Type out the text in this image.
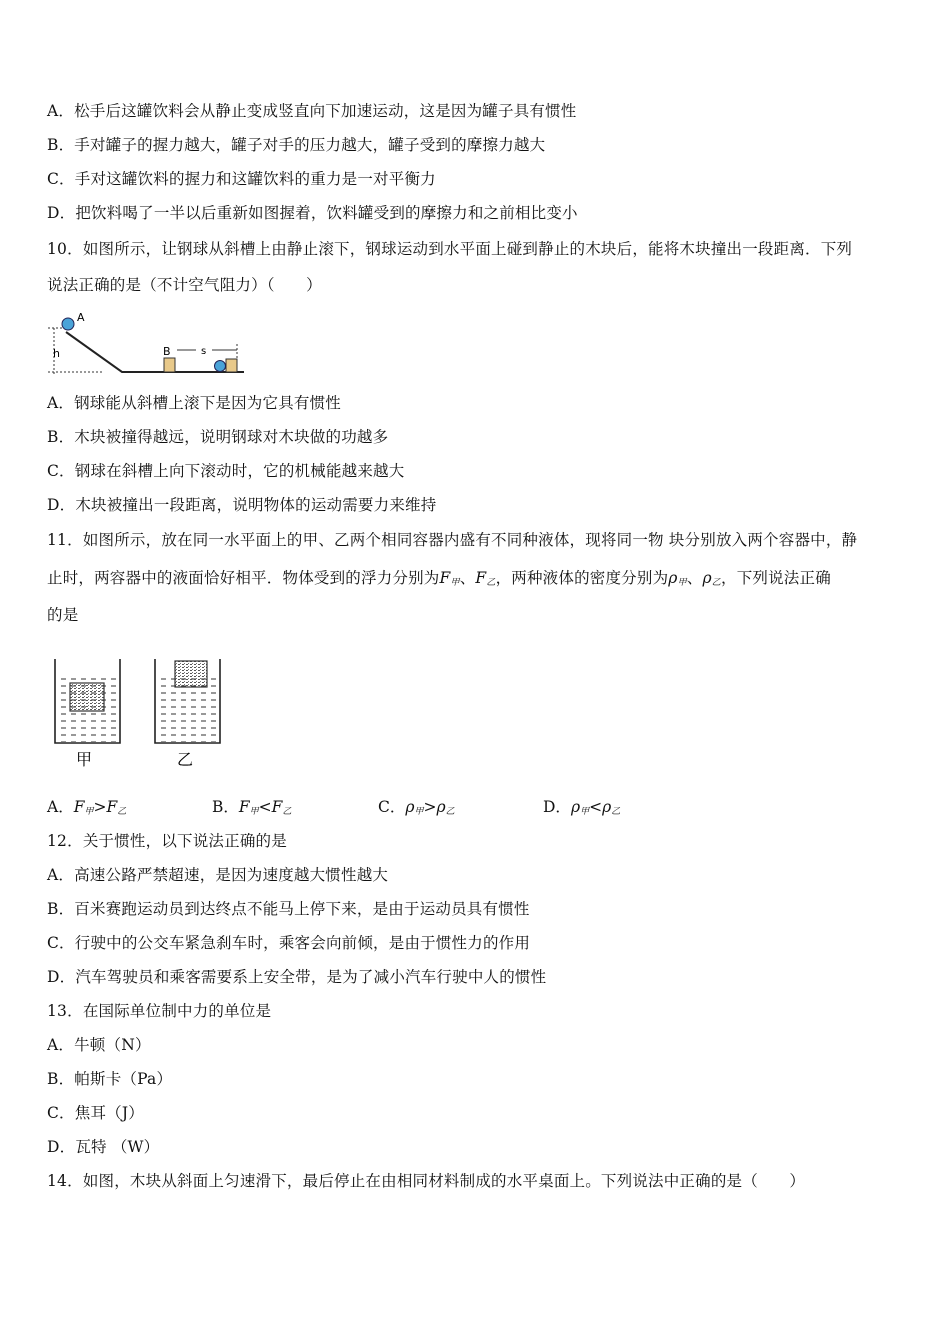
A．松手后这罐饮料会从静止变成竖直向下加速运动，这是因为罐子具有惯性
B．手对罐子的握力越大，罐子对手的压力越大，罐子受到的摩擦力越大
C．手对这罐饮料的握力和这罐饮料的重力是一对平衡力
D．把饮料喝了一半以后重新如图握着，饮料罐受到的摩擦力和之前相比变小
10．如图所示，让钢球从斜槽上由静止滚下，钢球运动到水平面上碰到静止的木块后，能将木块撞出一段距离．下列
说法正确的是（不计空气阻力）（　　）
h
A
B	s
A．钢球能从斜槽上滚下是因为它具有惯性
B．木块被撞得越远，说明钢球对木块做的功越多
C．钢球在斜槽上向下滚动时，它的机械能越来越大
D．木块被撞出一段距离，说明物体的运动需要力来维持
11．如图所示，放在同一水平面上的甲、乙两个相同容器内盛有不同种液体，现将同一物 块分别放入两个容器中，静
止时，两容器中的液面恰好相平．物体受到的浮力分别为$F_甲$、$F_乙$，两种液体的密度分别为$\rho_甲$、$\rho_乙$，下列说法正确
的是
甲	乙
A．$F_甲>F_乙$	B．$F_甲<F_乙$	C．$\rho_甲>\rho_乙$	D．$\rho_甲<\rho_乙$
12．关于惯性，以下说法正确的是
A．高速公路严禁超速，是因为速度越大惯性越大
B．百米赛跑运动员到达终点不能马上停下来，是由于运动员具有惯性
C．行驶中的公交车紧急刹车时，乘客会向前倾，是由于惯性力的作用
D．汽车驾驶员和乘客需要系上安全带，是为了减小汽车行驶中人的惯性
13．在国际单位制中力的单位是
A．牛顿（N）
B．帕斯卡（Pa）
C．焦耳（J）
D．瓦特 （W）
14．如图，木块从斜面上匀速滑下，最后停止在由相同材料制成的水平桌面上。下列说法中正确的是（　　）
